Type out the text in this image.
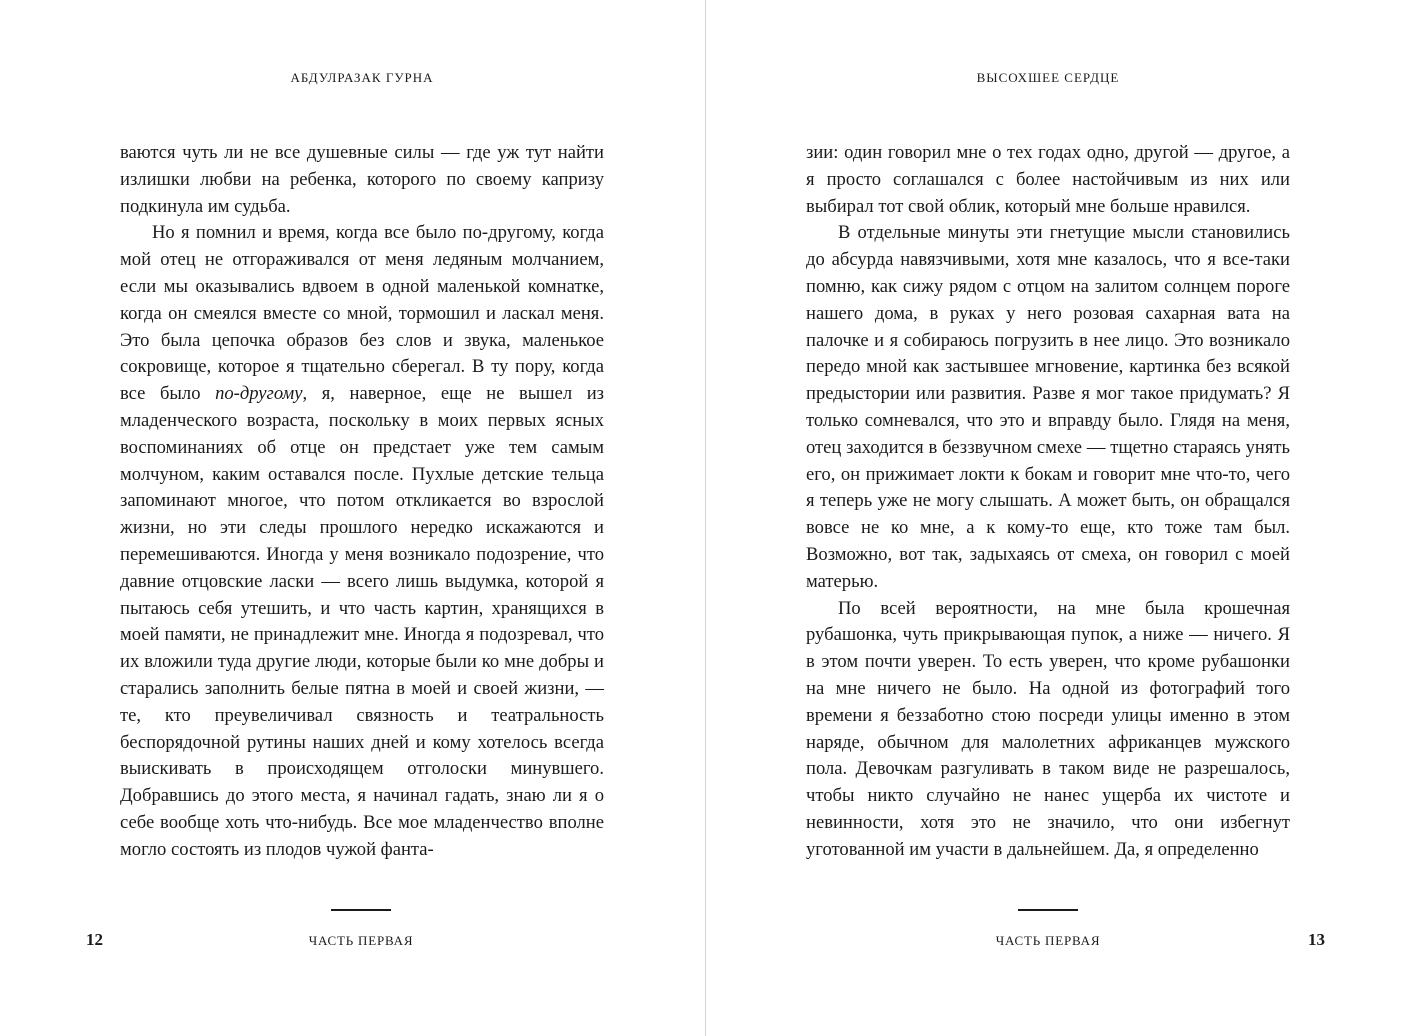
АБДУЛРАЗАК ГУРНА

ваются чуть ли не все душевные силы — где уж тут найти излишки любви на ребенка, которого по своему капризу подкинула им судьба.

Но я помнил и время, когда все было по-другому, когда мой отец не отгораживался от меня ледяным молчанием, если мы оказывались вдвоем в одной маленькой комнатке, когда он смеялся вместе со мной, тормошил и ласкал меня. Это была цепочка образов без слов и звука, маленькое сокровище, которое я тщательно сберегал. В ту пору, когда все было по-другому, я, наверное, еще не вышел из младенческого возраста, поскольку в моих первых ясных воспоминаниях об отце он предстает уже тем самым молчуном, каким оставался после. Пухлые детские тельца запоминают многое, что потом откликается во взрослой жизни, но эти следы прошлого нередко искажаются и перемешиваются. Иногда у меня возникало подозрение, что давние отцовские ласки — всего лишь выдумка, которой я пытаюсь себя утешить, и что часть картин, хранящихся в моей памяти, не принадлежит мне. Иногда я подозревал, что их вложили туда другие люди, которые были ко мне добры и старались заполнить белые пятна в моей и своей жизни, — те, кто преувеличивал связность и театральность беспорядочной рутины наших дней и кому хотелось всегда выискивать в происходящем отголоски минувшего. Добравшись до этого места, я начинал гадать, знаю ли я о себе вообще хоть что-нибудь. Все мое младенчество вполне могло состоять из плодов чужой фанта-

12	ЧАСТЬ ПЕРВАЯ
ВЫСОХШЕЕ СЕРДЦЕ

зии: один говорил мне о тех годах одно, другой — другое, а я просто соглашался с более настойчивым из них или выбирал тот свой облик, который мне больше нравился.

В отдельные минуты эти гнетущие мысли становились до абсурда навязчивыми, хотя мне казалось, что я все-таки помню, как сижу рядом с отцом на залитом солнцем пороге нашего дома, в руках у него розовая сахарная вата на палочке и я собираюсь погрузить в нее лицо. Это возникало передо мной как застывшее мгновение, картинка без всякой предыстории или развития. Разве я мог такое придумать? Я только сомневался, что это и вправду было. Глядя на меня, отец заходится в беззвучном смехе — тщетно стараясь унять его, он прижимает локти к бокам и говорит мне что-то, чего я теперь уже не могу слышать. А может быть, он обращался вовсе не ко мне, а к кому-то еще, кто тоже там был. Возможно, вот так, задыхаясь от смеха, он говорил с моей матерью.

По всей вероятности, на мне была крошечная рубашонка, чуть прикрывающая пупок, а ниже — ничего. Я в этом почти уверен. То есть уверен, что кроме рубашонки на мне ничего не было. На одной из фотографий того времени я беззаботно стою посреди улицы именно в этом наряде, обычном для малолетних африканцев мужского пола. Девочкам разгуливать в таком виде не разрешалось, чтобы никто случайно не нанес ущерба их чистоте и невинности, хотя это не значило, что они избегнут уготованной им участи в дальнейшем. Да, я определенно

ЧАСТЬ ПЕРВАЯ	13
